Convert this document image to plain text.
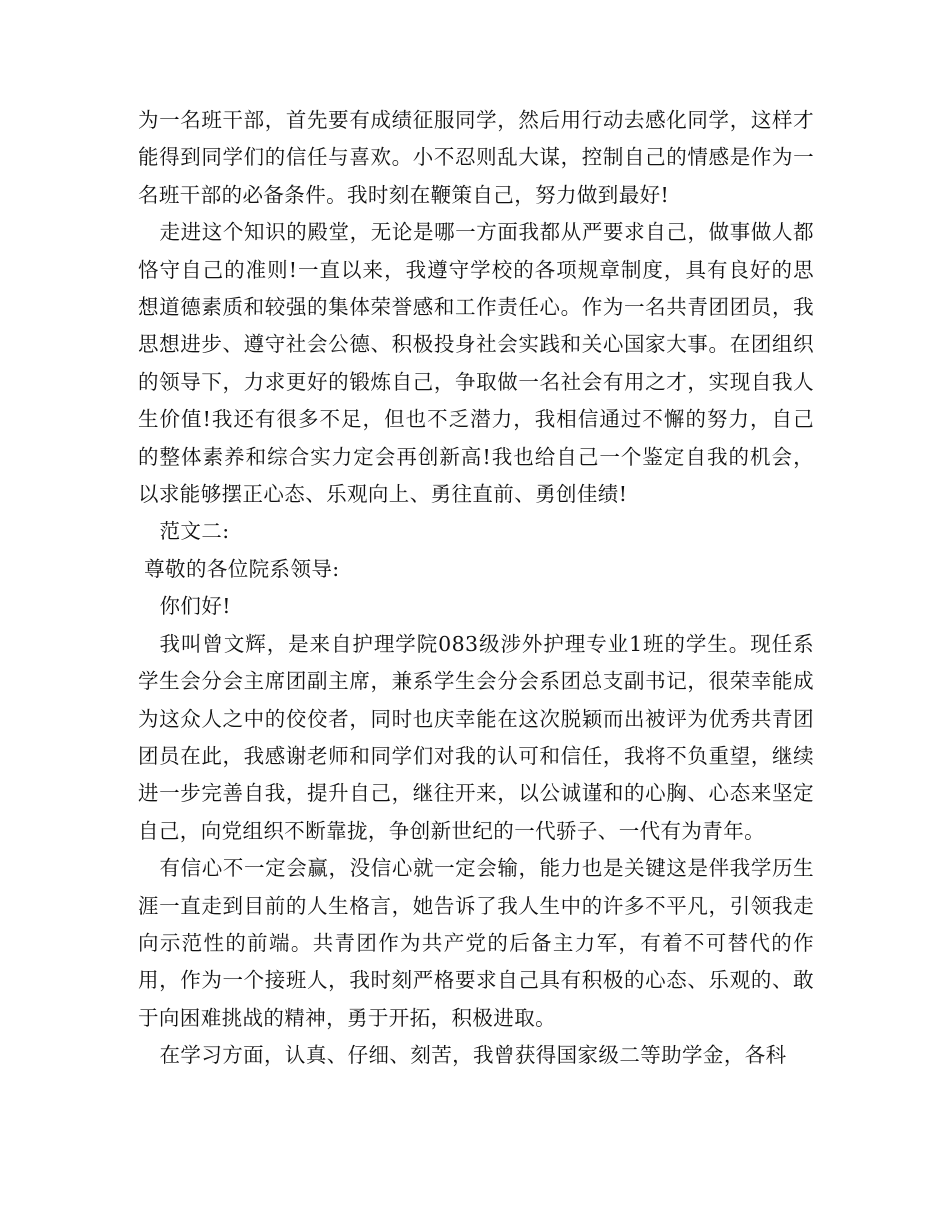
为一名班干部，首先要有成绩征服同学，然后用行动去感化同学，这样才能得到同学们的信任与喜欢。小不忍则乱大谋，控制自己的情感是作为一名班干部的必备条件。我时刻在鞭策自己，努力做到最好!

走进这个知识的殿堂，无论是哪一方面我都从严要求自己，做事做人都恪守自己的准则!一直以来，我遵守学校的各项规章制度，具有良好的思想道德素质和较强的集体荣誉感和工作责任心。作为一名共青团团员，我思想进步、遵守社会公德、积极投身社会实践和关心国家大事。在团组织的领导下，力求更好的锻炼自己，争取做一名社会有用之才，实现自我人生价值!我还有很多不足，但也不乏潜力，我相信通过不懈的努力，自己的整体素养和综合实力定会再创新高!我也给自己一个鉴定自我的机会，以求能够摆正心态、乐观向上、勇往直前、勇创佳绩!

范文二:

尊敬的各位院系领导:

你们好!

我叫曾文辉，是来自护理学院083级涉外护理专业1班的学生。现任系学生会分会主席团副主席，兼系学生会分会系团总支副书记，很荣幸能成为这众人之中的佼佼者，同时也庆幸能在这次脱颖而出被评为优秀共青团团员在此，我感谢老师和同学们对我的认可和信任，我将不负重望，继续进一步完善自我，提升自己，继往开来，以公诚谨和的心胸、心态来坚定自己，向党组织不断靠拢，争创新世纪的一代骄子、一代有为青年。

有信心不一定会赢，没信心就一定会输，能力也是关键这是伴我学历生涯一直走到目前的人生格言，她告诉了我人生中的许多不平凡，引领我走向示范性的前端。共青团作为共产党的后备主力军，有着不可替代的作用，作为一个接班人，我时刻严格要求自己具有积极的心态、乐观的、敢于向困难挑战的精神，勇于开拓，积极进取。

在学习方面，认真、仔细、刻苦，我曾获得国家级二等助学金，各科
